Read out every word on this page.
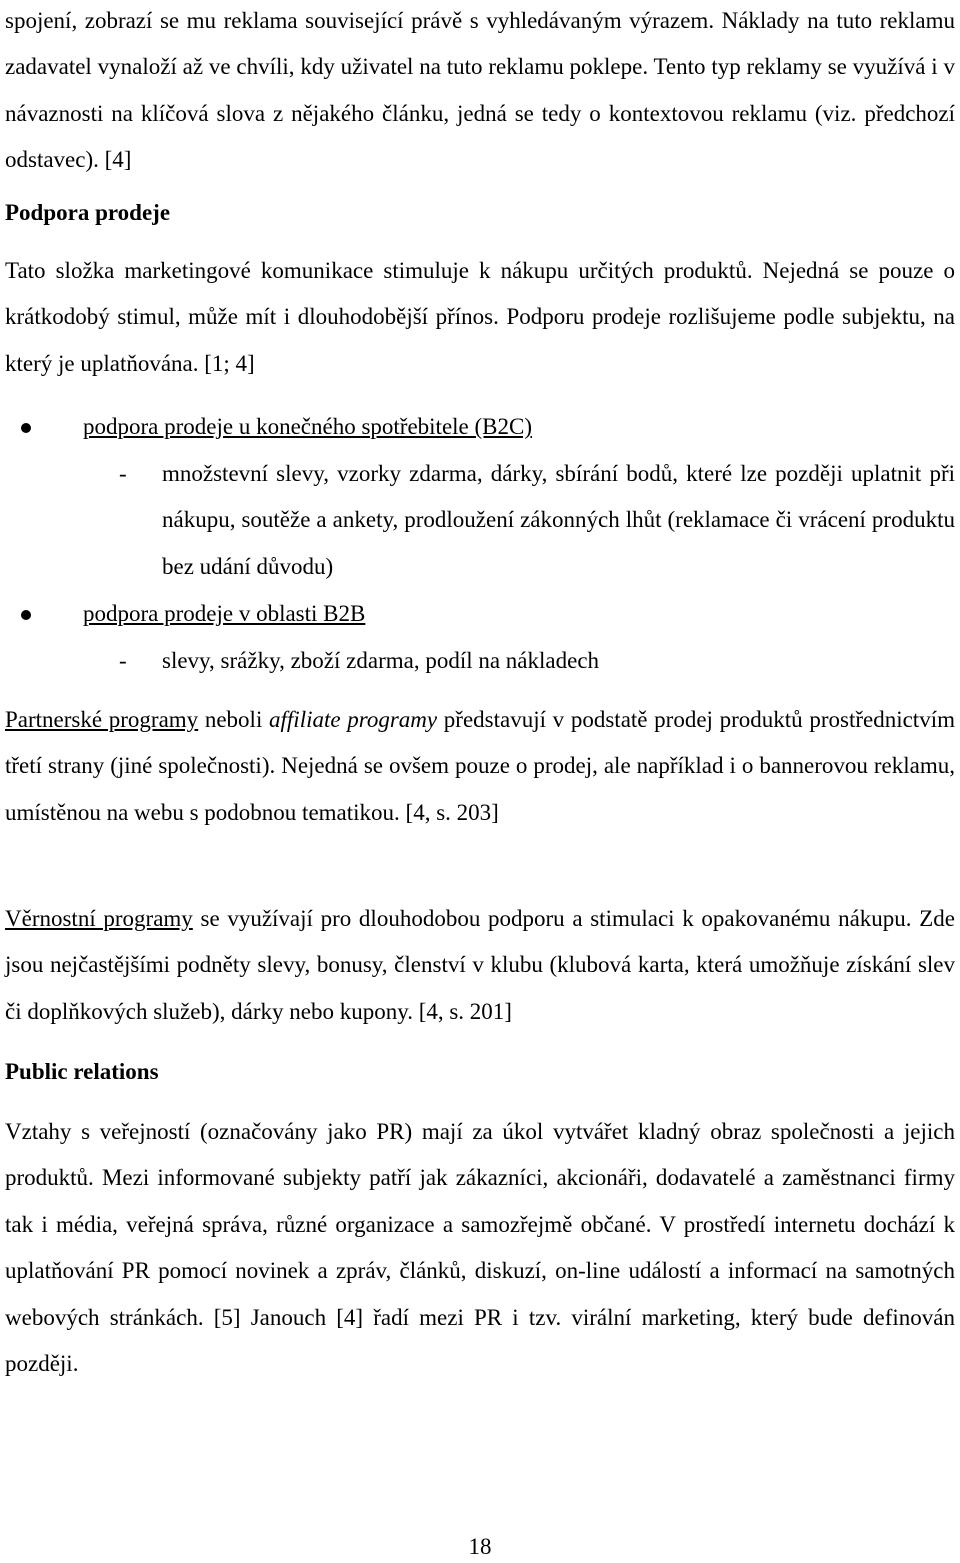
spojení, zobrazí se mu reklama související právě s vyhledávaným výrazem. Náklady na tuto reklamu zadavatel vynaloží až ve chvíli, kdy uživatel na tuto reklamu poklepe. Tento typ reklamy se využívá i v návaznosti na klíčová slova z nějakého článku, jedná se tedy o kontextovou reklamu (viz. předchozí odstavec). [4]

Podpora prodeje

Tato složka marketingové komunikace stimuluje k nákupu určitých produktů. Nejedná se pouze o krátkodobý stimul, může mít i dlouhodobější přínos. Podporu prodeje rozlišujeme podle subjektu, na který je uplatňována. [1; 4]

podpora prodeje u konečného spotřebitele (B2C)
- množstevní slevy, vzorky zdarma, dárky, sbírání bodů, které lze později uplatnit při nákupu, soutěže a ankety, prodloužení zákonných lhůt (reklamace či vrácení produktu bez udání důvodu)
podpora prodeje v oblasti B2B
- slevy, srážky, zboží zdarma, podíl na nákladech

Partnerské programy neboli affiliate programy představují v podstatě prodej produktů prostřednictvím třetí strany (jiné společnosti). Nejedná se ovšem pouze o prodej, ale například i o bannerovou reklamu, umístěnou na webu s podobnou tematikou. [4, s. 203]

Věrnostní programy se využívají pro dlouhodobou podporu a stimulaci k opakovanému nákupu. Zde jsou nejčastějšími podněty slevy, bonusy, členství v klubu (klubová karta, která umožňuje získání slev či doplňkových služeb), dárky nebo kupony. [4, s. 201]

Public relations

Vztahy s veřejností (označovány jako PR) mají za úkol vytvářet kladný obraz společnosti a jejich produktů. Mezi informované subjekty patří jak zákazníci, akcionáři, dodavatelé a zaměstnanci firmy tak i média, veřejná správa, různé organizace a samozřejmě občané. V prostředí internetu dochází k uplatňování PR pomocí novinek a zpráv, článků, diskuzí, on-line událostí a informací na samotných webových stránkách. [5] Janouch [4] řadí mezi PR i tzv. virální marketing, který bude definován později.

18
